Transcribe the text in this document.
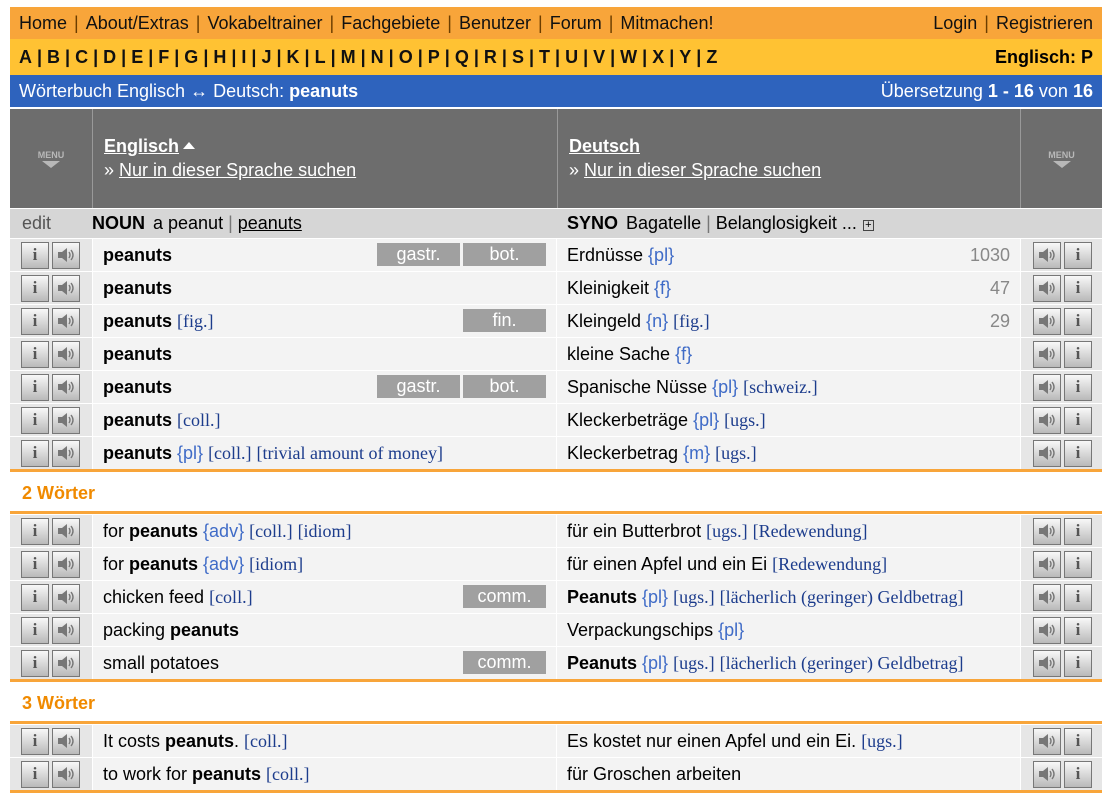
Home | About/Extras | Vokabeltrainer | Fachgebiete | Benutzer | Forum | Mitmachen!	Login | Registrieren
A | B | C | D | E | F | G | H | I | J | K | L | M | N | O | P | Q | R | S | T | U | V | W | X | Y | Z	Englisch: P
Wörterbuch Englisch ↔ Deutsch: peanuts	Übersetzung 1 - 16 von 16
MENU Englisch
» Nur in dieser Sprache suchen
Deutsch
» Nur in dieser Sprache suchen
MENU
edit	NOUN a peanut | peanuts	SYNO Bagatelle | Belanglosigkeit ... +
i	peanuts	gastr.	bot.	Erdnüsse {pl}	1030	i
i	peanuts	Kleinigkeit {f}	47	i
i	peanuts [fig.]	fin.	Kleingeld {n} [fig.]	29	i
i	peanuts	kleine Sache {f}	i
i	peanuts	gastr.	bot.	Spanische Nüsse {pl} [schweiz.]	i
i	peanuts [coll.]	Kleckerbeträge {pl} [ugs.]	i
i	peanuts {pl} [coll.] [trivial amount of money]	Kleckerbetrag {m} [ugs.]	i
2 Wörter
i	for peanuts {adv} [coll.] [idiom]	für ein Butterbrot [ugs.] [Redewendung]	i
i	for peanuts {adv} [idiom]	für einen Apfel und ein Ei [Redewendung]	i
i	chicken feed [coll.]	comm.	Peanuts {pl} [ugs.] [lächerlich (geringer) Geldbetrag]	i
i	packing peanuts	Verpackungschips {pl}	i
i	small potatoes	comm.	Peanuts {pl} [ugs.] [lächerlich (geringer) Geldbetrag]	i
3 Wörter
i	It costs peanuts . [coll.]	Es kostet nur einen Apfel und ein Ei. [ugs.]	i
i	to work for peanuts [coll.]	für Groschen arbeiten	i
